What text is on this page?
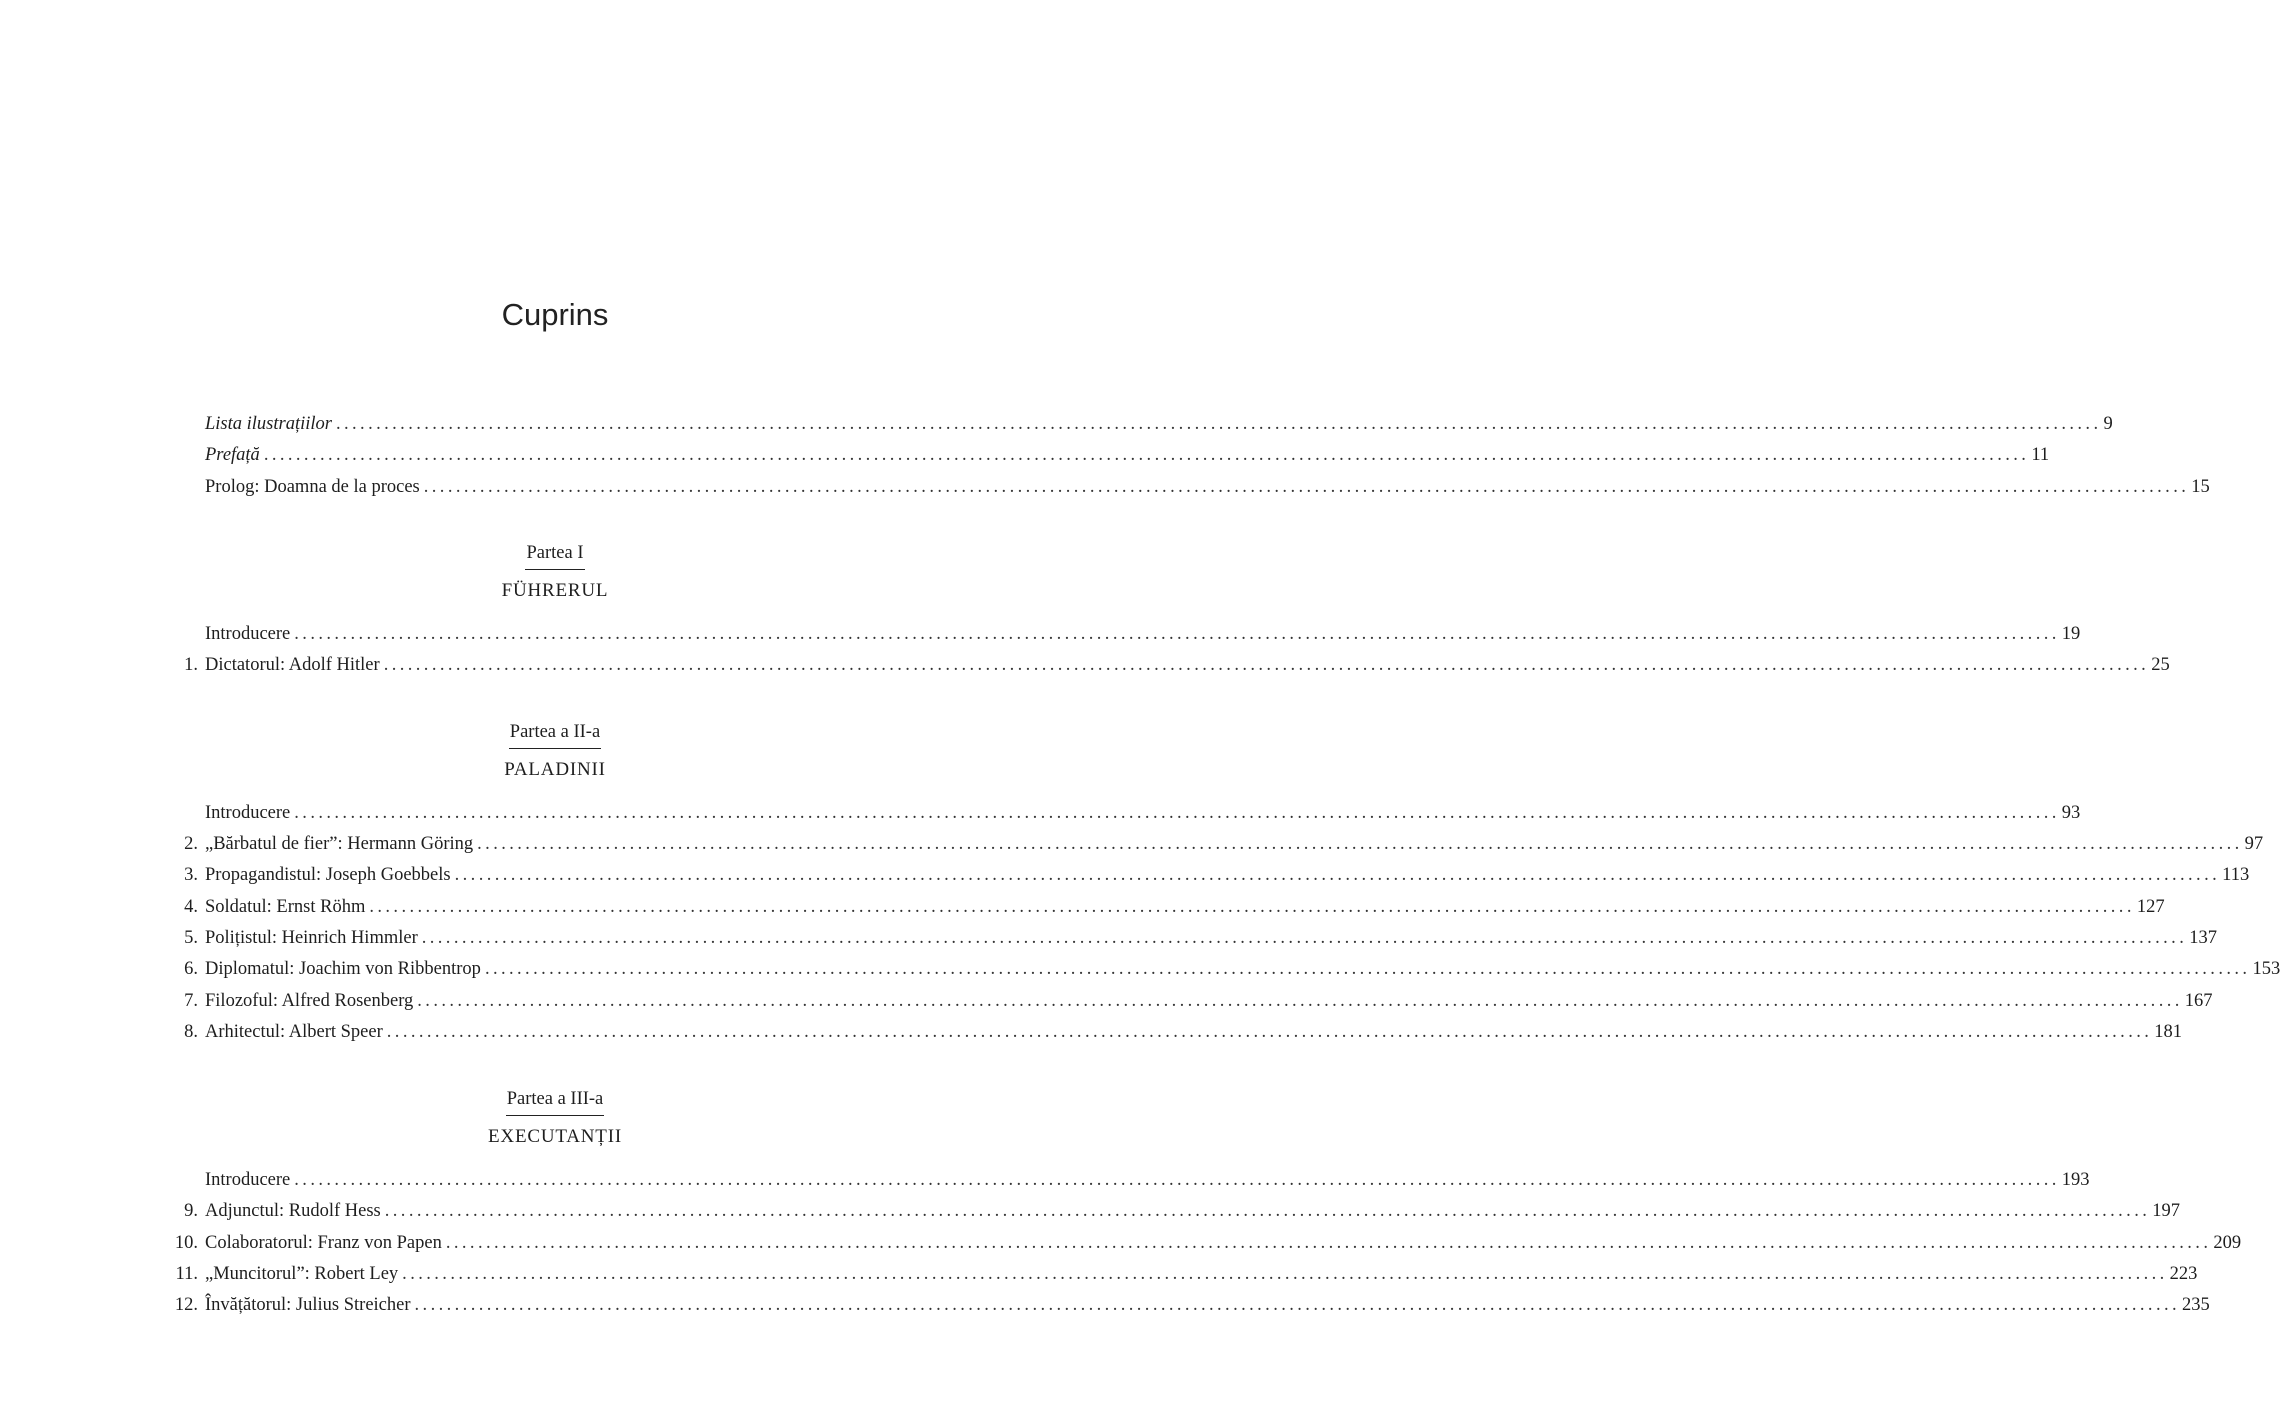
Cuprins
Lista ilustrațiilor ............................................................................................................................................................................................................................ 9
Prefață ............................................................................................................................................................................................................................ 11
Prolog: Doamna de la proces ............................................................................................................................................................................................................................ 15
Partea I
FÜHRERUL
Introducere ............................................................................................................................................................................................................................ 19
1. Dictatorul: Adolf Hitler ............................................................................................................................................................................................................................ 25
Partea a II-a
PALADINII
Introducere ............................................................................................................................................................................................................................ 93
2. „Bărbatul de fier”: Hermann Göring ............................................................................................................................................................................................................................ 97
3. Propagandistul: Joseph Goebbels ............................................................................................................................................................................................................................ 113
4. Soldatul: Ernst Röhm ............................................................................................................................................................................................................................ 127
5. Polițistul: Heinrich Himmler ............................................................................................................................................................................................................................ 137
6. Diplomatul: Joachim von Ribbentrop ............................................................................................................................................................................................................................ 153
7. Filozoful: Alfred Rosenberg ............................................................................................................................................................................................................................ 167
8. Arhitectul: Albert Speer ............................................................................................................................................................................................................................ 181
Partea a III-a
EXECUTANȚII
Introducere ............................................................................................................................................................................................................................ 193
9. Adjunctul: Rudolf Hess ............................................................................................................................................................................................................................ 197
10. Colaboratorul: Franz von Papen ............................................................................................................................................................................................................................ 209
11. „Muncitorul”: Robert Ley ............................................................................................................................................................................................................................ 223
12. Învățătorul: Julius Streicher ............................................................................................................................................................................................................................ 235
